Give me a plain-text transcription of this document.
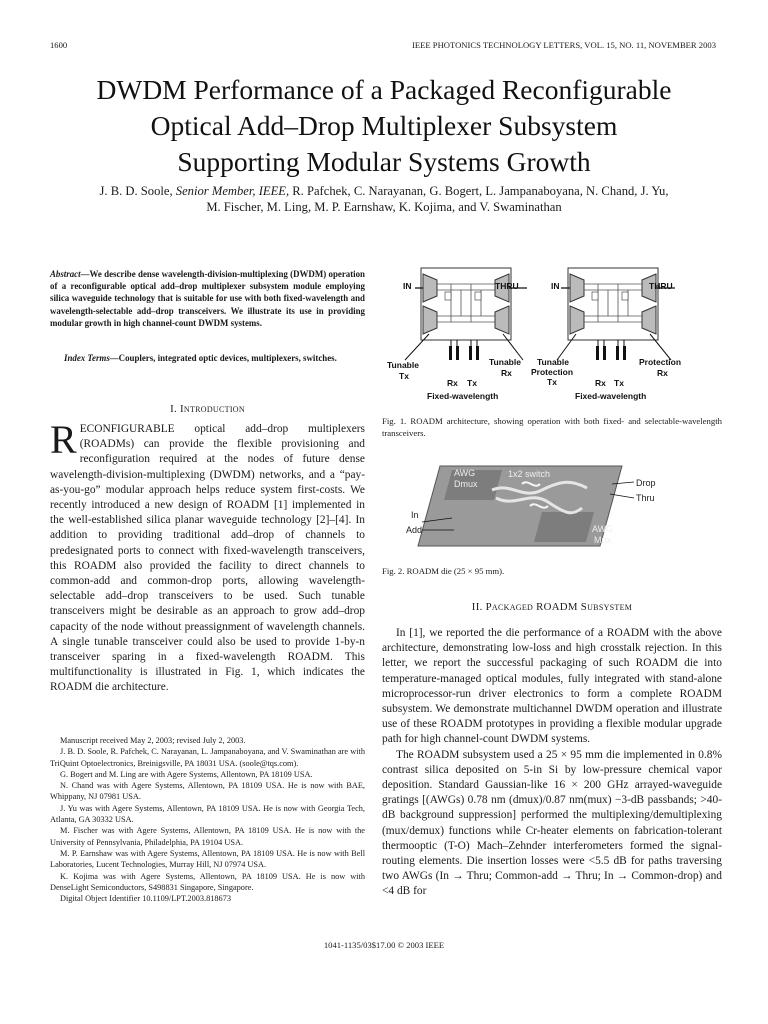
1600	IEEE PHOTONICS TECHNOLOGY LETTERS, VOL. 15, NO. 11, NOVEMBER 2003
DWDM Performance of a Packaged Reconfigurable
Optical Add–Drop Multiplexer Subsystem
Supporting Modular Systems Growth
J. B. D. Soole, Senior Member, IEEE, R. Pafchek, C. Narayanan, G. Bogert, L. Jampanaboyana, N. Chand, J. Yu,
M. Fischer, M. Ling, M. P. Earnshaw, K. Kojima, and V. Swaminathan
Abstract—We describe dense wavelength-division-multiplexing (DWDM) operation of a reconfigurable optical add–drop multiplexer subsystem module employing silica waveguide technology that is suitable for use with both fixed-wavelength and wavelength-selectable add–drop transceivers. We illustrate its use in providing modular growth in high channel-count DWDM systems.
Index Terms—Couplers, integrated optic devices, multiplexers, switches.
I. Introduction

RECONFIGURABLE optical add–drop multiplexers (ROADMs) can provide the flexible provisioning and reconfiguration required at the nodes of future dense wavelength-division-multiplexing (DWDM) networks, and a “pay-as-you-go” modular approach helps reduce system first-costs. We recently introduced a new design of ROADM [1] implemented in the well-established silica planar waveguide technology [2]–[4]. In addition to providing traditional add–drop of channels to predesignated ports to connect with fixed-wavelength transceivers, this ROADM also provided the facility to direct channels to common-add and common-drop ports, allowing wavelength-selectable add–drop transceivers to be used. Such tunable transceivers might be desirable as an approach to grow add–drop capacity of the node without preassignment of wavelength channels. A single tunable transceiver could also be used to provide 1-by-n transceiver sparing in a fixed-wavelength ROADM. This multifunctionality is illustrated in Fig. 1, which indicates the ROADM die architecture.

Manuscript received May 2, 2003; revised July 2, 2003.

J. B. D. Soole, R. Pafchek, C. Narayanan, L. Jampanaboyana, and V. Swaminathan are with TriQuint Optoelectronics, Breinigsville, PA 18031 USA. (soole@tqs.com).

G. Bogert and M. Ling are with Agere Systems, Allentown, PA 18109 USA.

N. Chand was with Agere Systems, Allentown, PA 18109 USA. He is now with BAE, Whippany, NJ 07981 USA.

J. Yu was with Agere Systems, Allentown, PA 18109 USA. He is now with Georgia Tech, Atlanta, GA 30332 USA.

M. Fischer was with Agere Systems, Allentown, PA 18109 USA. He is now with the University of Pennsylvania, Philadelphia, PA 19104 USA.

M. P. Earnshaw was with Agere Systems, Allentown, PA 18109 USA. He is now with Bell Laboratories, Lucent Technologies, Murray Hill, NJ 07974 USA.

K. Kojima was with Agere Systems, Allentown, PA 18109 USA. He is now with DenseLight Semiconductors, S498831 Singapore, Singapore.

Digital Object Identifier 10.1109/LPT.2003.818673

IN	THRU
Tunable
Tx
Rx Tx
Tunable
Rx
Fixed-wavelength
IN	THRU
Tunable
Protection
Tx	Rx Tx
Protection
Rx
Fixed-wavelength
Fig. 1. ROADM architecture, showing operation with both fixed- and selectable-wavelength transceivers.
AWG
Dmux
1x2 switch
Drop
Thru
In
Add	AWG
Mux
Fig. 2. ROADM die (25 × 95 mm).
II. Packaged ROADM Subsystem

In [1], we reported the die performance of a ROADM with the above architecture, demonstrating low-loss and high crosstalk rejection. In this letter, we report the successful packaging of such ROADM die into temperature-managed optical modules, fully integrated with stand-alone microprocessor-run driver electronics to form a complete ROADM subsystem. We demonstrate multichannel DWDM operation and illustrate use of these ROADM prototypes in providing a flexible modular upgrade path for high channel-count DWDM systems.

The ROADM subsystem used a 25 × 95 mm die implemented in 0.8% contrast silica deposited on 5-in Si by low-pressure chemical vapor deposition. Standard Gaussian-like 16 × 200 GHz arrayed-waveguide gratings [(AWGs) 0.78 nm (dmux)/0.87 nm(mux) −3-dB passbands; >40-dB background suppression] performed the multiplexing/demultiplexing (mux/demux) functions while Cr-heater elements on fabrication-tolerant thermooptic (T-O) Mach–Zehnder interferometers formed the signal-routing elements. Die insertion losses were <5.5 dB for paths traversing two AWGs (In → Thru; Common-add → Thru; In → Common-drop) and <4 dB for

1041-1135/03$17.00 © 2003 IEEE
